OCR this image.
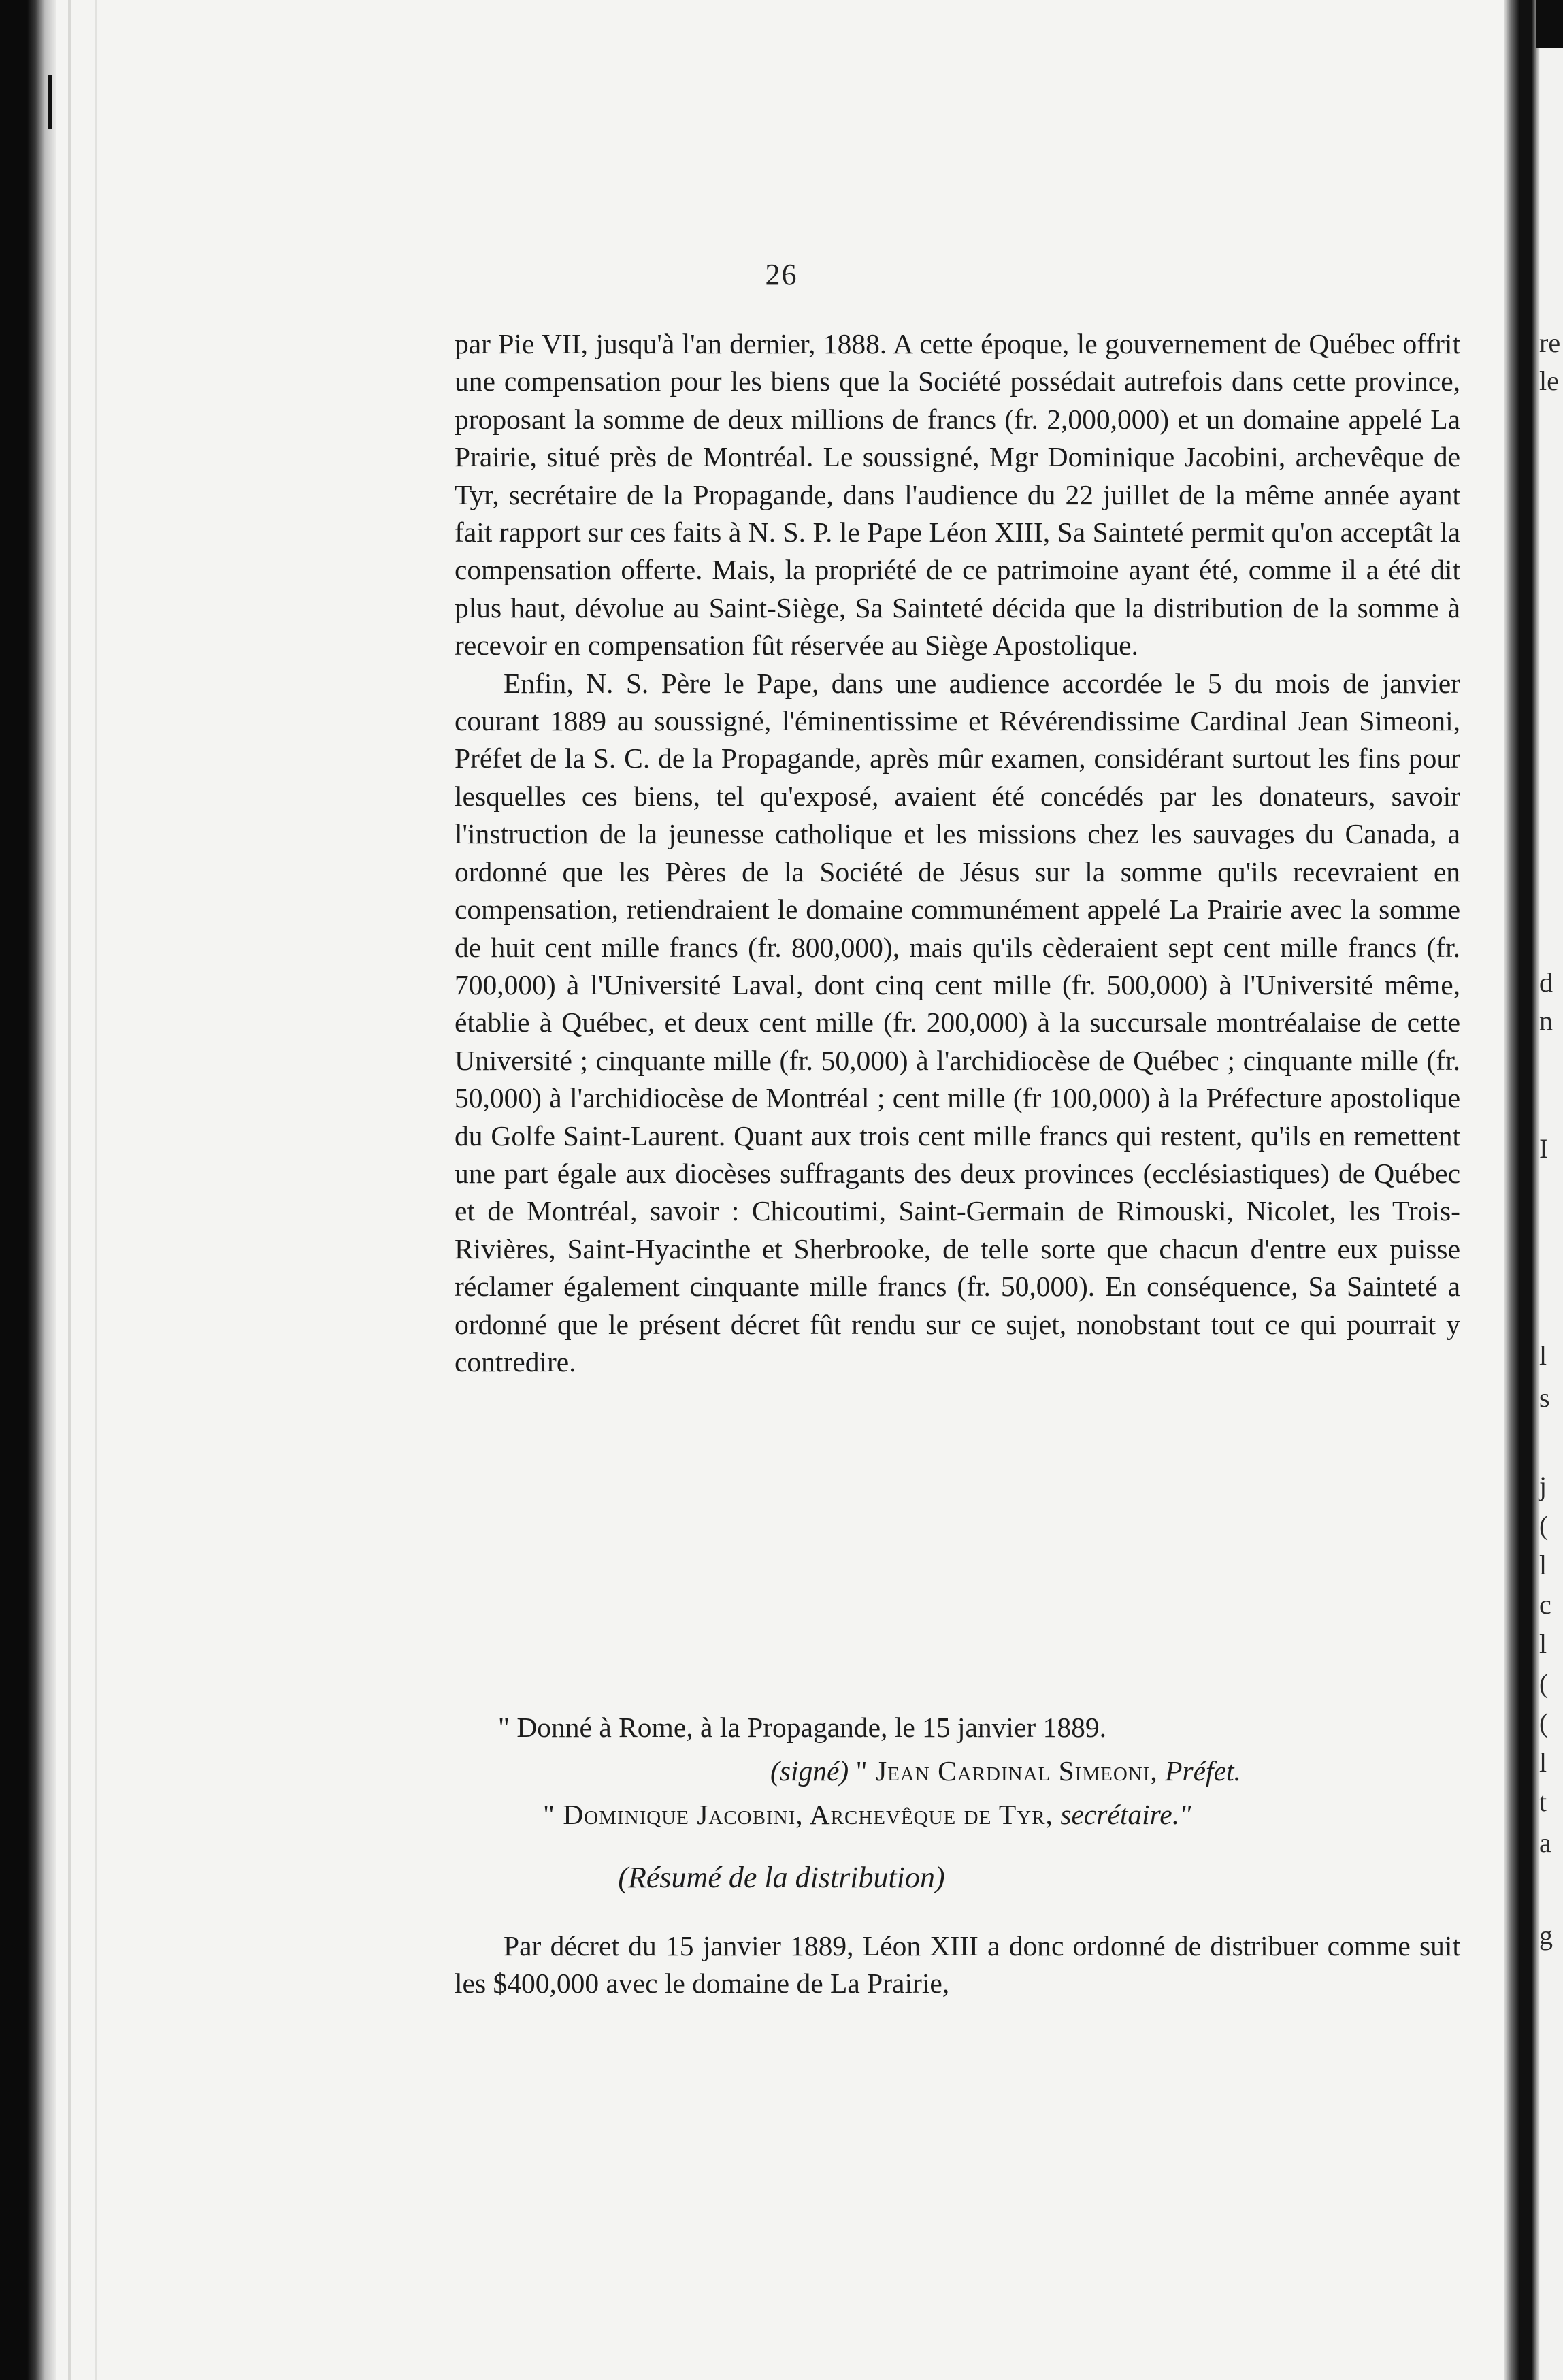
re
le
d
n
I
l
s
j
(
l
c
l
(
(
l
t
a
g
26

par Pie VII, jusqu'à l'an dernier, 1888. A cette époque, le gouvernement de Québec offrit une compensation pour les biens que la Société possédait autrefois dans cette province, proposant la somme de deux millions de francs (fr. 2,000,000) et un domaine appelé La Prairie, situé près de Montréal. Le soussigné, Mgr Dominique Jacobini, archevêque de Tyr, secrétaire de la Propagande, dans l'audience du 22 juillet de la même année ayant fait rapport sur ces faits à N. S. P. le Pape Léon XIII, Sa Sainteté permit qu'on acceptât la compensation offerte. Mais, la propriété de ce patrimoine ayant été, comme il a été dit plus haut, dévolue au Saint-Siège, Sa Sainteté décida que la distribution de la somme à recevoir en compensation fût réservée au Siège Apostolique.

Enfin, N. S. Père le Pape, dans une audience accordée le 5 du mois de janvier courant 1889 au soussigné, l'éminentissime et Révérendissime Cardinal Jean Simeoni, Préfet de la S. C. de la Propagande, après mûr examen, considérant surtout les fins pour lesquelles ces biens, tel qu'exposé, avaient été concédés par les donateurs, savoir l'instruction de la jeunesse catholique et les missions chez les sauvages du Canada, a ordonné que les Pères de la Société de Jésus sur la somme qu'ils recevraient en compensation, retiendraient le domaine communément appelé La Prairie avec la somme de huit cent mille francs (fr. 800,000), mais qu'ils cèderaient sept cent mille francs (fr. 700,000) à l'Université Laval, dont cinq cent mille (fr. 500,000) à l'Université même, établie à Québec, et deux cent mille (fr. 200,000) à la succursale montréalaise de cette Université ; cinquante mille (fr. 50,000) à l'archidiocèse de Québec ; cinquante mille (fr. 50,000) à l'archidiocèse de Montréal ; cent mille (fr 100,000) à la Préfecture apostolique du Golfe Saint-Laurent. Quant aux trois cent mille francs qui restent, qu'ils en remettent une part égale aux diocèses suffragants des deux provinces (ecclésiastiques) de Québec et de Montréal, savoir : Chicoutimi, Saint-Germain de Rimouski, Nicolet, les Trois-Rivières, Saint-Hyacinthe et Sherbrooke, de telle sorte que chacun d'entre eux puisse réclamer également cinquante mille francs (fr. 50,000). En conséquence, Sa Sainteté a ordonné que le présent décret fût rendu sur ce sujet, nonobstant tout ce qui pourrait y contredire.

" Donné à Rome, à la Propagande, le 15 janvier 1889.
(signé) " Jean Cardinal Simeoni, Préfet.
" Dominique Jacobini, Archevêque de Tyr, secrétaire."
(Résumé de la distribution)
Par décret du 15 janvier 1889, Léon XIII a donc ordonné de distribuer comme suit les $400,000 avec le domaine de La Prairie,
